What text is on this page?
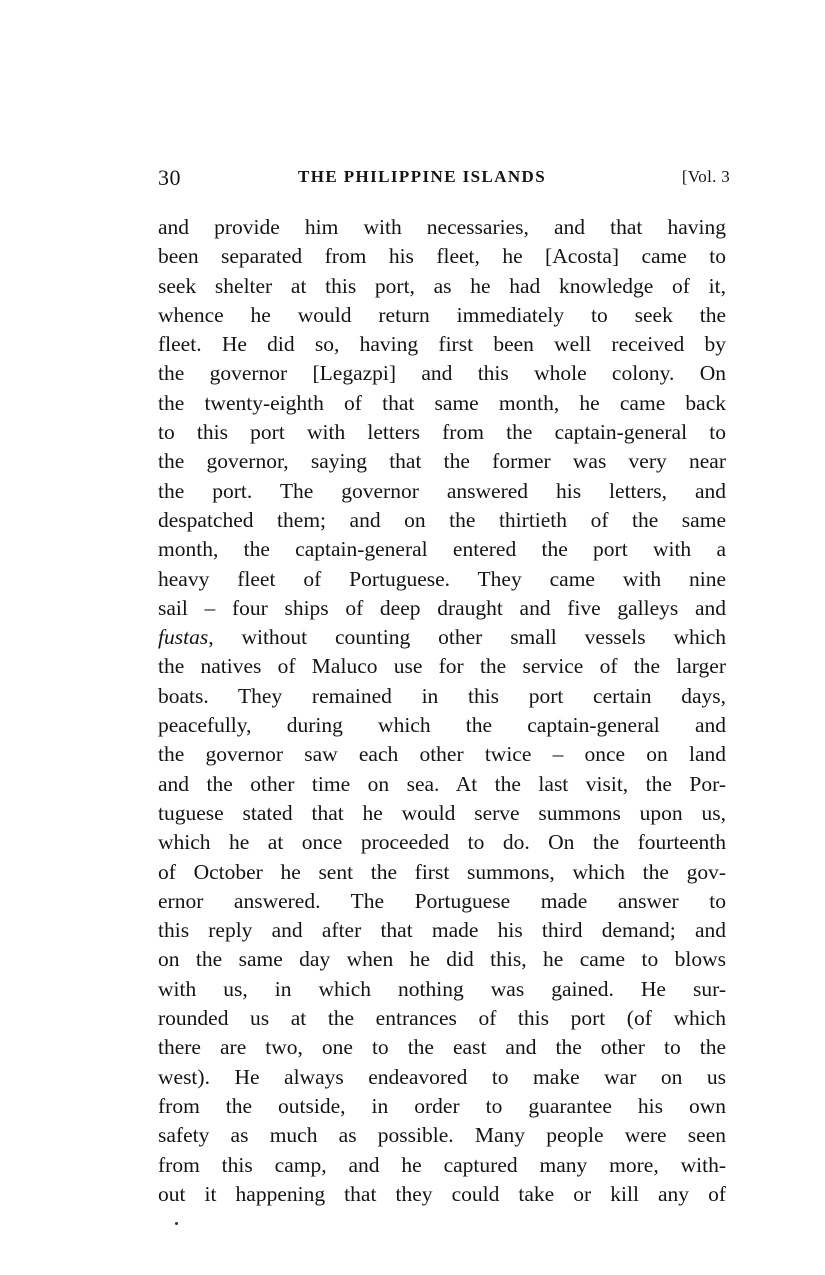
30	THE PHILIPPINE ISLANDS	[Vol. 3
and provide him with necessaries, and that having
been separated from his fleet, he [Acosta] came to
seek shelter at this port, as he had knowledge of it,
whence he would return immediately to seek the
fleet. He did so, having first been well received by
the governor [Legazpi] and this whole colony. On
the twenty-eighth of that same month, he came back
to this port with letters from the captain-general to
the governor, saying that the former was very near
the port. The governor answered his letters, and
despatched them; and on the thirtieth of the same
month, the captain-general entered the port with a
heavy fleet of Portuguese. They came with nine
sail – four ships of deep draught and five galleys and
fustas, without counting other small vessels which
the natives of Maluco use for the service of the larger
boats. They remained in this port certain days,
peacefully, during which the captain-general and
the governor saw each other twice – once on land
and the other time on sea. At the last visit, the Por-
tuguese stated that he would serve summons upon us,
which he at once proceeded to do. On the fourteenth
of October he sent the first summons, which the gov-
ernor answered. The Portuguese made answer to
this reply and after that made his third demand; and
on the same day when he did this, he came to blows
with us, in which nothing was gained. He sur-
rounded us at the entrances of this port (of which
there are two, one to the east and the other to the
west). He always endeavored to make war on us
from the outside, in order to guarantee his own
safety as much as possible. Many people were seen
from this camp, and he captured many more, with-
out it happening that they could take or kill any of
